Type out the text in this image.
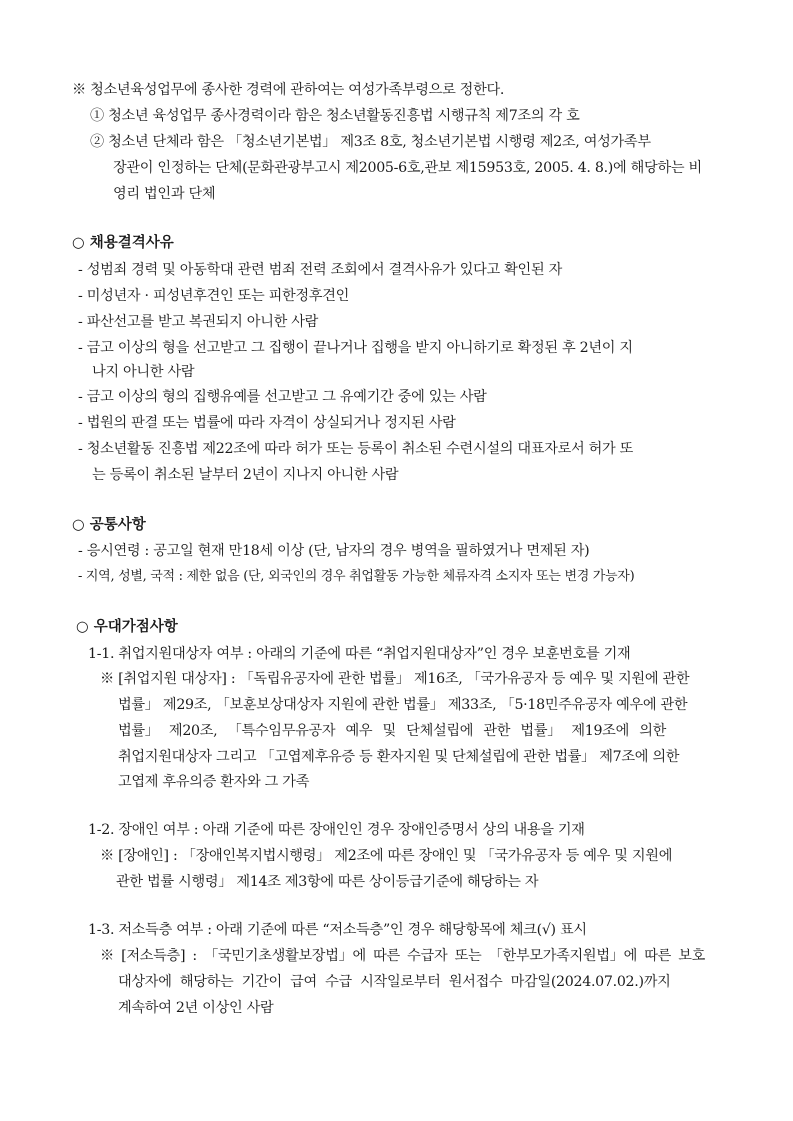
※ 청소년육성업무에 종사한 경력에 관하여는 여성가족부령으로 정한다.
① 청소년 육성업무 종사경력이라 함은 청소년활동진흥법 시행규칙 제7조의 각 호
② 청소년 단체라 함은 「청소년기본법」 제3조 8호, 청소년기본법 시행령 제2조, 여성가족부
장관이 인정하는 단체(문화관광부고시 제2005-6호,관보 제15953호, 2005. 4. 8.)에 해당하는 비
영리 법인과 단체
○ 채용결격사유
- 성범죄 경력 및 아동학대 관련 범죄 전력 조회에서 결격사유가 있다고 확인된 자
- 미성년자 · 피성년후견인 또는 피한정후견인
- 파산선고를 받고 복권되지 아니한 사람
- 금고 이상의 형을 선고받고 그 집행이 끝나거나 집행을 받지 아니하기로 확정된 후 2년이 지
나지 아니한 사람
- 금고 이상의 형의 집행유예를 선고받고 그 유예기간 중에 있는 사람
- 법원의 판결 또는 법률에 따라 자격이 상실되거나 정지된 사람
- 청소년활동 진흥법 제22조에 따라 허가 또는 등록이 취소된 수련시설의 대표자로서 허가 또
는 등록이 취소된 날부터 2년이 지나지 아니한 사람
○ 공통사항
- 응시연령 : 공고일 현재 만18세 이상 (단, 남자의 경우 병역을 필하였거나 면제된 자)
- 지역, 성별, 국적 : 제한 없음 (단, 외국인의 경우 취업활동 가능한 체류자격 소지자 또는 변경 가능자)
○ 우대가점사항
1-1. 취업지원대상자 여부 : 아래의 기준에 따른 “취업지원대상자”인 경우 보훈번호를 기재
※ [취업지원 대상자] : 「독립유공자에 관한 법률」 제16조, 「국가유공자 등 예우 및 지원에 관한
법률」 제29조, 「보훈보상대상자 지원에 관한 법률」 제33조, 「5·18민주유공자 예우에 관한
법률」 제20조, 「특수임무유공자 예우 및 단체설립에 관한 법률」 제19조에 의한
취업지원대상자 그리고 「고엽제후유증 등 환자지원 및 단체설립에 관한 법률」 제7조에 의한
고엽제 후유의증 환자와 그 가족
1-2. 장애인 여부 : 아래 기준에 따른 장애인인 경우 장애인증명서 상의 내용을 기재
※ [장애인] : 「장애인복지법시행령」 제2조에 따른 장애인 및 「국가유공자 등 예우 및 지원에
관한 법률 시행령」 제14조 제3항에 따른 상이등급기준에 해당하는 자
1-3. 저소득층 여부 : 아래 기준에 따른 “저소득층”인 경우 해당항목에 체크(√) 표시
※ [저소득층] : 「국민기초생활보장법」에 따른 수급자 또는 「한부모가족지원법」에 따른 보호
대상자에 해당하는 기간이 급여 수급 시작일로부터 원서접수 마감일(2024.07.02.)까지
계속하여 2년 이상인 사람
